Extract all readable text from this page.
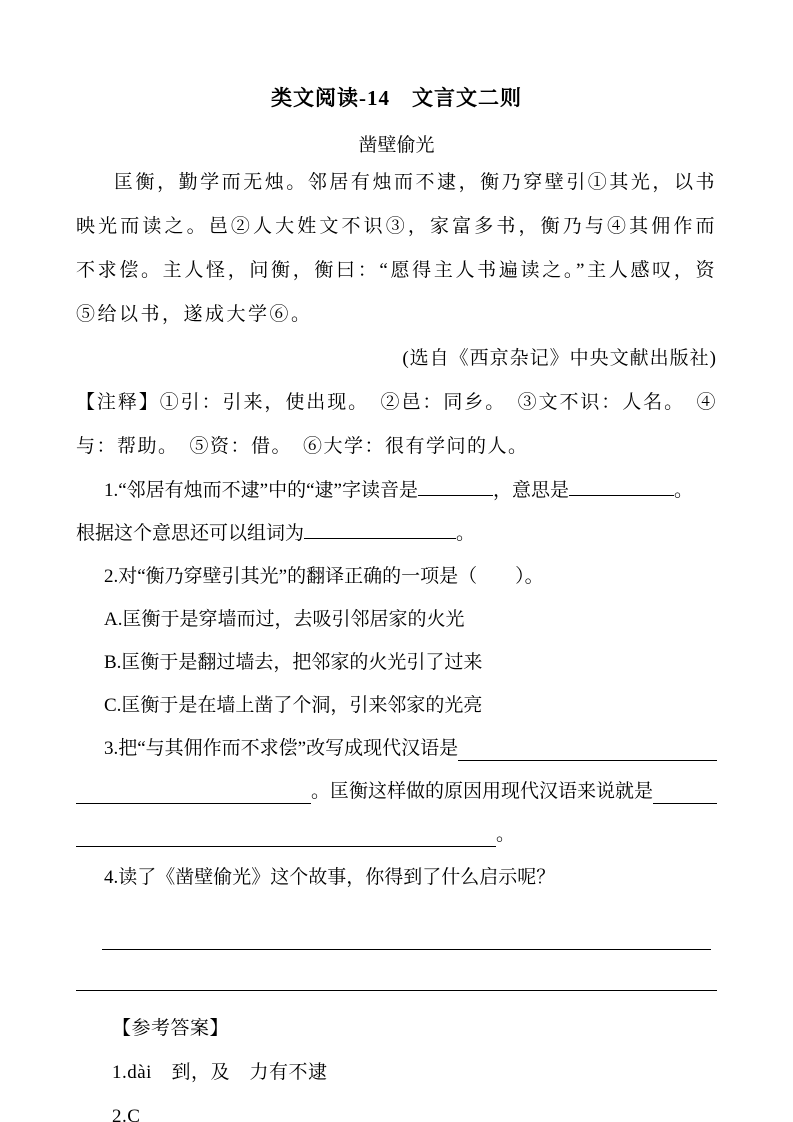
类文阅读-14　文言文二则
凿壁偷光

匡衡，勤学而无烛。邻居有烛而不逮，衡乃穿壁引①其光，以书映光而读之。邑②人大姓文不识③，家富多书，衡乃与④其佣作而不求偿。主人怪，问衡，衡曰：“愿得主人书遍读之。”主人感叹，资⑤给以书，遂成大学⑥。

(选自《西京杂记》中央文献出版社)

【注释】①引：引来，使出现。　②邑：同乡。　③文不识：人名。　④与：帮助。　⑤资：借。　⑥大学：很有学问的人。

1.“邻居有烛而不逮”中的“逮”字读音是	，意思是	。

根据这个意思还可以组词为	。

2.对“衡乃穿壁引其光”的翻译正确的一项是（　　）。

A.匡衡于是穿墙而过，去吸引邻居家的火光

B.匡衡于是翻过墙去，把邻家的火光引了过来

C.匡衡于是在墙上凿了个洞，引来邻家的光亮

3.把“与其佣作而不求偿”改写成现代汉语是

。匡衡这样做的原因用现代汉语来说就是

。

4.读了《凿壁偷光》这个故事，你得到了什么启示呢？

【参考答案】

1.dài　到，及　力有不逮

2.C
